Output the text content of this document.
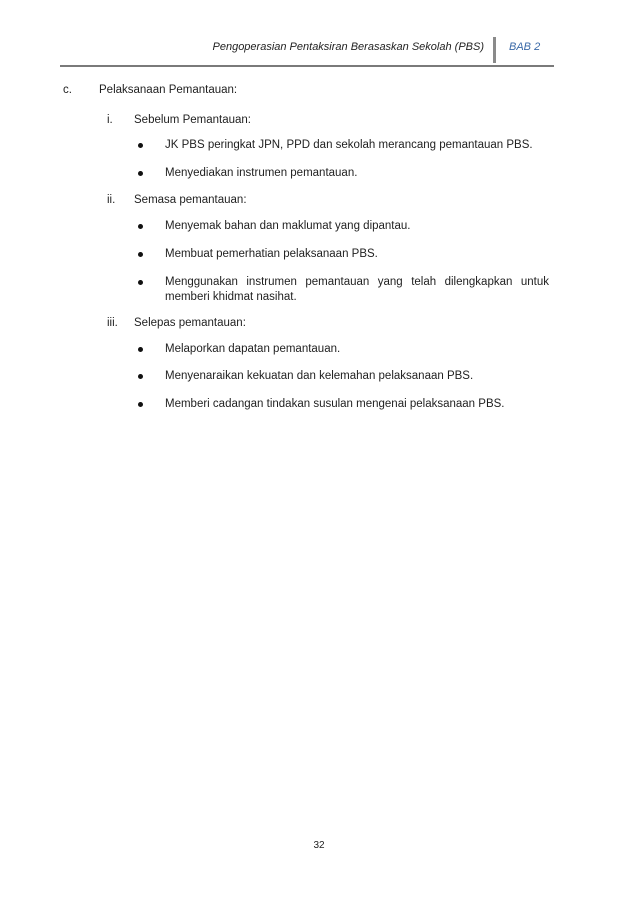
Pengoperasian Pentaksiran Berasaskan Sekolah (PBS) BAB 2
c. Pelaksanaan Pemantauan:
i. Sebelum Pemantauan:
JK PBS peringkat JPN, PPD dan sekolah merancang pemantauan PBS.
Menyediakan instrumen pemantauan.
ii. Semasa pemantauan:
Menyemak bahan dan maklumat yang dipantau.
Membuat pemerhatian pelaksanaan PBS.
Menggunakan instrumen pemantauan yang telah dilengkapkan untuk memberi khidmat nasihat.
iii. Selepas pemantauan:
Melaporkan dapatan pemantauan.
Menyenaraikan kekuatan dan kelemahan pelaksanaan PBS.
Memberi cadangan tindakan susulan mengenai pelaksanaan PBS.
32
